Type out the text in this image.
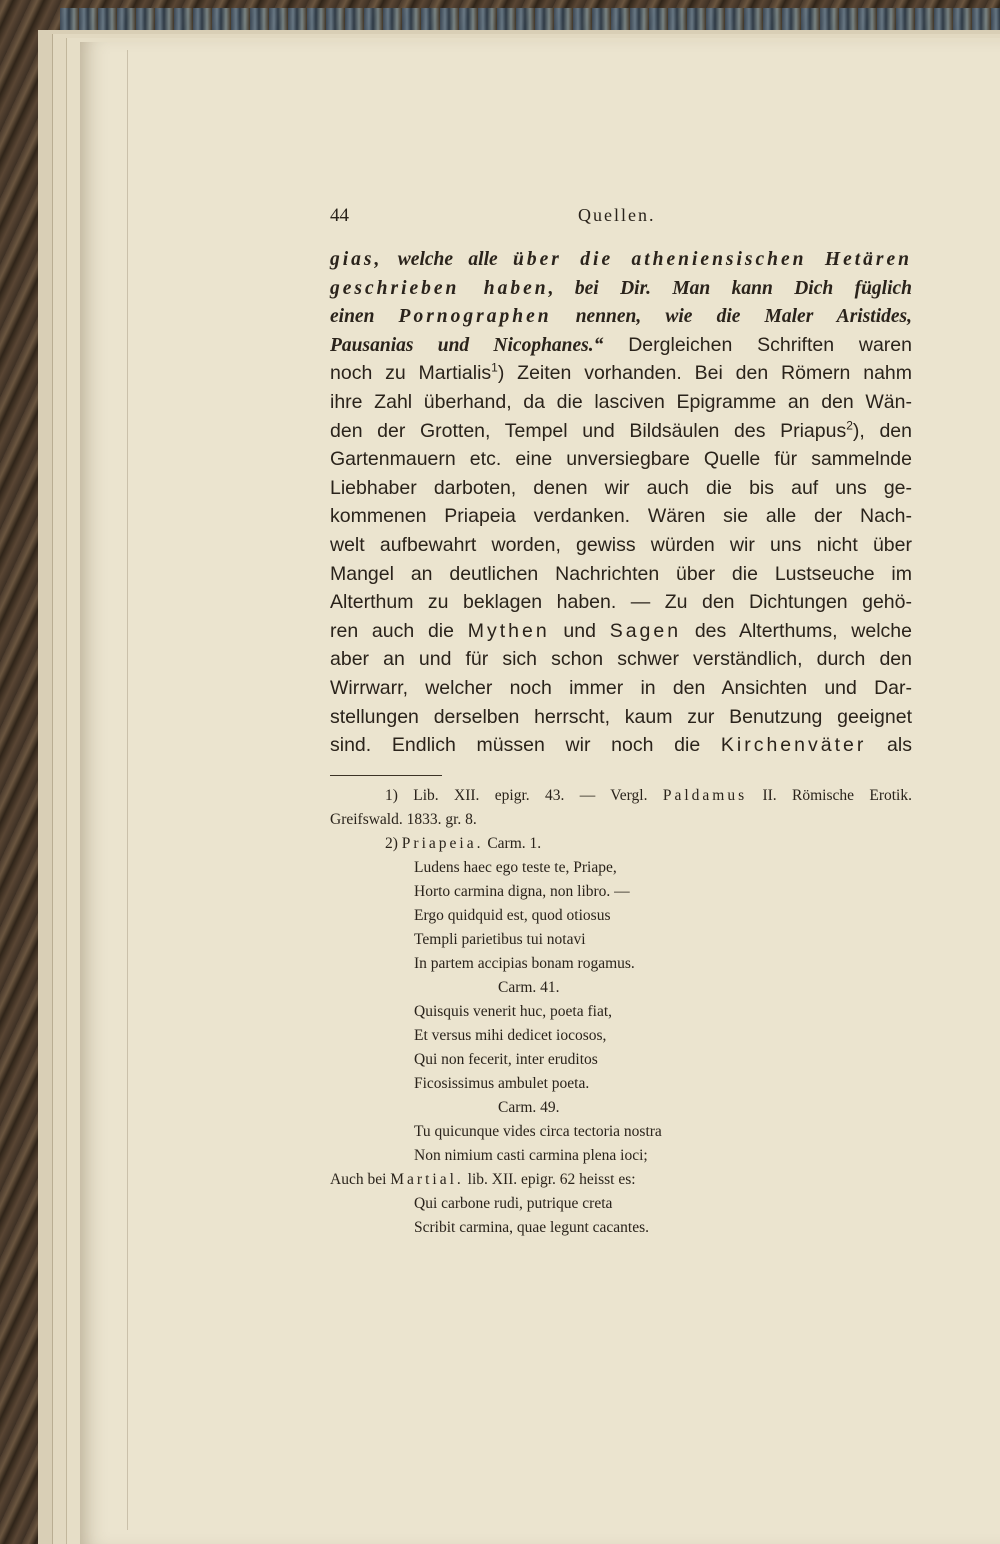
44	Quellen.
gias, welche alle über die atheniensischen Hetären
geschrieben haben, bei Dir. Man kann Dich füglich
einen Pornographen nennen, wie die Maler Aristides,
Pausanias und Nicophanes.“ Dergleichen Schriften waren
noch zu Martialis$^1$) Zeiten vorhanden. Bei den Römern nahm
ihre Zahl überhand, da die lasciven Epigramme an den Wän-
den der Grotten, Tempel und Bildsäulen des Priapus$^2$), den
Gartenmauern etc. eine unversiegbare Quelle für sammelnde
Liebhaber darboten, denen wir auch die bis auf uns ge-
kommenen Priapeia verdanken. Wären sie alle der Nach-
welt aufbewahrt worden, gewiss würden wir uns nicht über
Mangel an deutlichen Nachrichten über die Lustseuche im
Alterthum zu beklagen haben. — Zu den Dichtungen gehö-
ren auch die Mythen und Sagen des Alterthums, welche
aber an und für sich schon schwer verständlich, durch den
Wirrwarr, welcher noch immer in den Ansichten und Dar-
stellungen derselben herrscht, kaum zur Benutzung geeignet
sind. Endlich müssen wir noch die Kirchenväter als
1) Lib. XII. epigr. 43. — Vergl. Paldamus II. Römische Erotik.
Greifswald. 1833. gr. 8.
2) Priapeia. Carm. 1.
Ludens haec ego teste te, Priape,
Horto carmina digna, non libro. —
Ergo quidquid est, quod otiosus
Templi parietibus tui notavi
In partem accipias bonam rogamus.
Carm. 41.
Quisquis venerit huc, poeta fiat,
Et versus mihi dedicet iocosos,
Qui non fecerit, inter eruditos
Ficosissimus ambulet poeta.
Carm. 49.
Tu quicunque vides circa tectoria nostra
Non nimium casti carmina plena ioci;
Auch bei Martial. lib. XII. epigr. 62 heisst es:
Qui carbone rudi, putrique creta
Scribit carmina, quae legunt cacantes.
